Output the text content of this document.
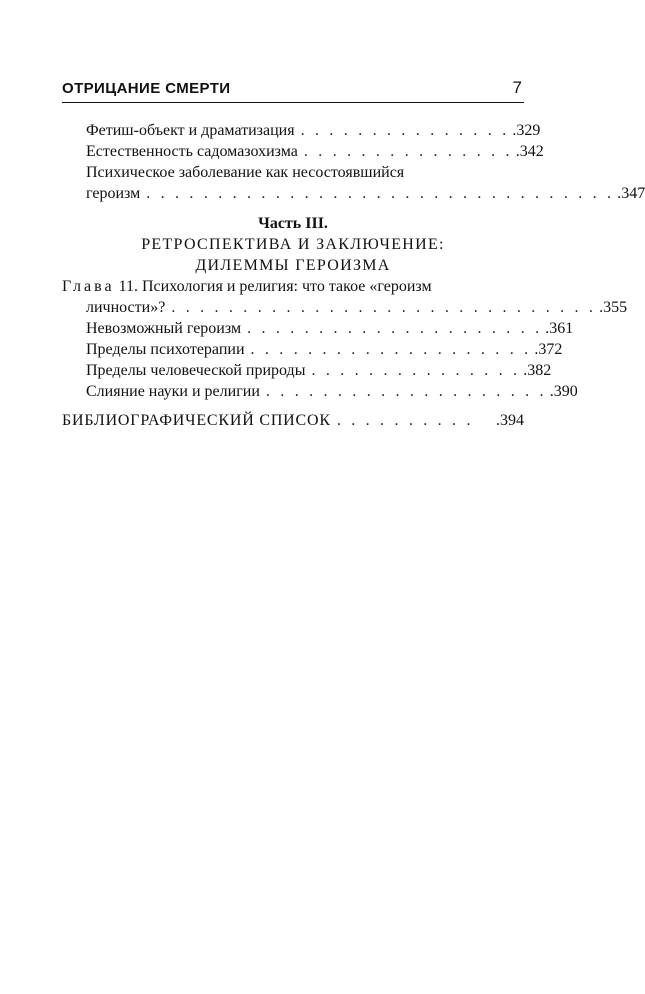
ОТРИЦАНИЕ СМЕРТИ	7
Фетиш-объект и драматизация . . . . . . . . . . . . . . . .329
Естественность садомазохизма . . . . . . . . . . . . . . . .342
Психическое заболевание как несостоявшийся
героизм . . . . . . . . . . . . . . . . . . . . . . . . . . . . . . . . . .347
Часть III.
РЕТРОСПЕКТИВА И ЗАКЛЮЧЕНИЕ:
ДИЛЕММЫ ГЕРОИЗМА
Глава 11. Психология и религия: что такое «героизм
личности»? . . . . . . . . . . . . . . . . . . . . . . . . . . . . . . .355
Невозможный героизм . . . . . . . . . . . . . . . . . . . . . .361
Пределы психотерапии . . . . . . . . . . . . . . . . . . . . .372
Пределы человеческой природы . . . . . . . . . . . . . . . .382
Слияние науки и религии . . . . . . . . . . . . . . . . . . . . .390
БИБЛИОГРАФИЧЕСКИЙ СПИСОК . . . . . . . . . .	.394
